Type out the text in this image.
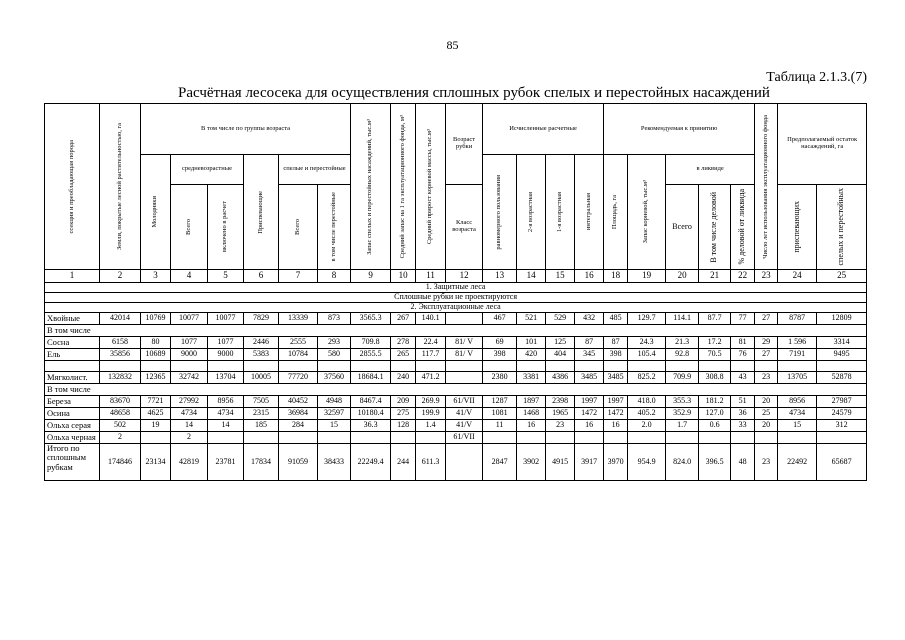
85
Таблица 2.1.3.(7)
Расчётная лесосека для осуществления сплошных рубок спелых и перестойных насаждений
ссекция и преобладающая порода	Земли, покрытые лесной растительностью, га	В том числе по группы возраста						Запас спелых и перестойных насаждений, тыс.м³	Средний запас на 1 га эксплуатационного фонда, м³	Средний прирост корневой массы, тыс.м³	Возраст рубки	Исчисленные расчетные				Рекомендуемая к принятию					Число лет использования эксплуатационного фонда	Предполагаемый остаток насаждений, га	

		Молодняки	средневозрастные		Приспевающие	спелые и перестойные						равномерного пользования	2-я возрастная	1-я возрастная	интегральная	Площадь, га	Запас корневой, тыс.м³	в ликвиде					

			Всего	включено в расчет		Всего	в том числе перестойные				Класс возраста							Всего	В том числе деловой	% деловой от ликвида		приспевающих	спелых и перестойных

1	2	3	4	5	6	7	8	9	10	11	12	13	14	15	16	18	19	20	21	22	23	24	25
1. Защитные леса																							
Сплошные рубки не проектируются																							
2. Эксплуатационные леса																							
Хвойные	42014	10769	10077	10077	7829	13339	873	3565.3	267	140.1		467	521	529	432	485	129.7	114.1	87.7	77	27	8787	12809
В том числе																							
Сосна	6158	80	1077	1077	2446	2555	293	709.8	278	22.4	81/ V	69	101	125	87	87	24.3	21.3	17.2	81	29	1 596	3314
Ель	35856	10689	9000	9000	5383	10784	580	2855.5	265	117.7	81/ V	398	420	404	345	398	105.4	92.8	70.5	76	27	7191	9495

Мягколист.	132832	12365	32742	13704	10005	77720	37560	18684.1	240	471.2		2380	3381	4386	3485	3485	825.2	709.9	308.8	43	23	13705	52878
В том числе																							
Береза	83670	7721	27992	8956	7505	40452	4948	8467.4	209	269.9	61/VII	1287	1897	2398	1997	1997	418.0	355.3	181.2	51	20	8956	27987
Осина	48658	4625	4734	4734	2315	36984	32597	10180.4	275	199.9	41/V	1081	1468	1965	1472	1472	405.2	352.9	127.0	36	25	4734	24579
Ольха серая	502	19	14	14	185	284	15	36.3	128	1.4	41/V	11	16	23	16	16	2.0	1.7	0.6	33	20	15	312
Ольха черная	2		2								61/VII												
Итого по сплошным рубкам	174846	23134	42819	23781	17834	91059	38433	22249.4	244	611.3		2847	3902	4915	3917	3970	954.9	824.0	396.5	48	23	22492	65687
